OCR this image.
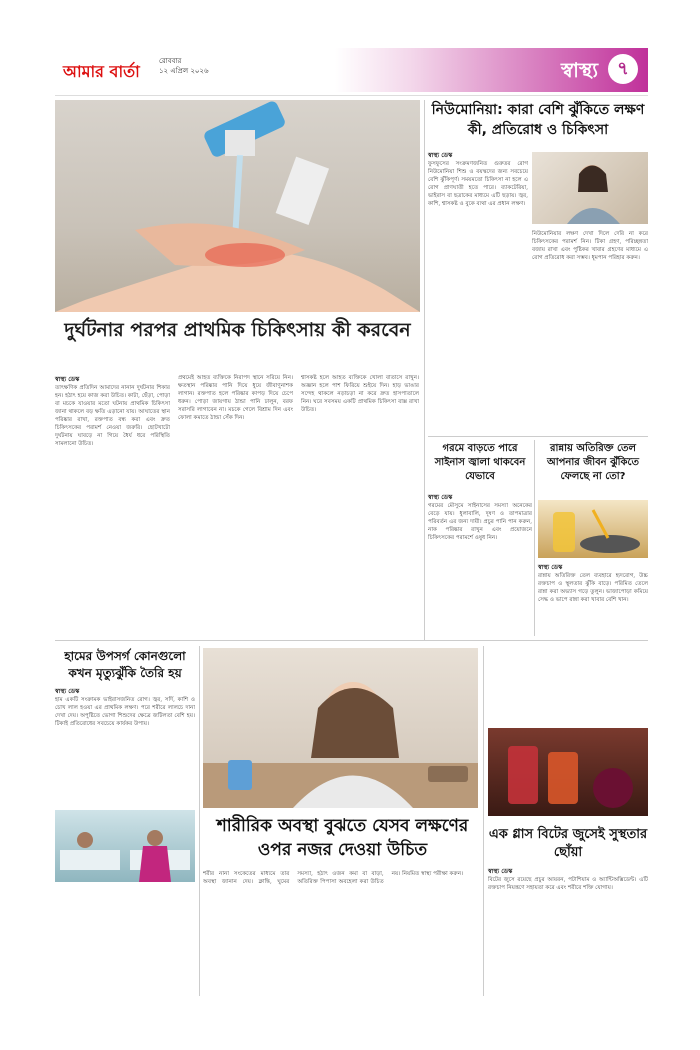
আমার বার্তা
রোববার
১২ এপ্রিল ২০২৬	স্বাস্থ্য	৭
দুর্ঘটনার পরপর প্রাথমিক চিকিৎসায় কী করবেন
স্বাস্থ্য ডেস্ক
তাৎক্ষণিক প্রতিদিন আমাদের নানান দুর্ঘটনার শিকার হন। হঠাৎ হয়ে কাজ করা উচিত। কাটা, ছেঁড়া, পোড়া বা মচকে যাওয়ার মতো ঘটনায় প্রাথমিক চিকিৎসা জানা থাকলে বড় ক্ষতি এড়ানো যায়। আঘাতের স্থান পরিষ্কার রাখা, রক্তপাত বন্ধ করা এবং দ্রুত চিকিৎসকের পরামর্শ নেওয়া জরুরি। ছোটখাটো দুর্ঘটনায় ঘাবড়ে না গিয়ে ধৈর্য ধরে পরিস্থিতি সামলানো উচিত।
প্রথমেই আহত ব্যক্তিকে নিরাপদ স্থানে সরিয়ে নিন। ক্ষতস্থান পরিষ্কার পানি দিয়ে ধুয়ে জীবাণুনাশক লাগান। রক্তপাত হলে পরিষ্কার কাপড় দিয়ে চেপে ধরুন। পোড়া জায়গায় ঠান্ডা পানি ঢালুন, বরফ সরাসরি লাগাবেন না। মচকে গেলে বিশ্রাম দিন এবং ফোলা কমাতে ঠান্ডা সেঁক দিন।
শ্বাসকষ্ট হলে আহত ব্যক্তিকে খোলা বাতাসে রাখুন। অজ্ঞান হলে পাশ ফিরিয়ে শুইয়ে দিন। হাড় ভাঙার সন্দেহ থাকলে নড়াচড়া না করে দ্রুত হাসপাতালে নিন। ঘরে সবসময় একটি প্রাথমিক চিকিৎসা বাক্স রাখা উচিত।
নিউমোনিয়া: কারা বেশি ঝুঁকিতে লক্ষণ কী, প্রতিরোধ ও চিকিৎসা
স্বাস্থ্য ডেস্ক
ফুসফুসের সংক্রমণজনিত গুরুতর রোগ নিউমোনিয়া শিশু ও বয়স্কদের জন্য সবচেয়ে বেশি ঝুঁকিপূর্ণ। সময়মতো চিকিৎসা না হলে এ রোগ প্রাণঘাতী হতে পারে। ব্যাকটেরিয়া, ভাইরাস বা ছত্রাকের মাধ্যমে এটি ছড়ায়। জ্বর, কাশি, শ্বাসকষ্ট ও বুকে ব্যথা এর প্রধান লক্ষণ।
নিউমোনিয়ার লক্ষণ দেখা দিলে দেরি না করে চিকিৎসকের পরামর্শ নিন। টিকা গ্রহণ, পরিচ্ছন্নতা বজায় রাখা এবং পুষ্টিকর খাবার গ্রহণের মাধ্যমে এ রোগ প্রতিরোধ করা সম্ভব। ধূমপান পরিহার করুন।
গরমে বাড়তে পারে সাইনাস জ্বালা থাকবেন যেভাবে
স্বাস্থ্য ডেস্ক
গরমের মৌসুমে সাইনাসের সমস্যা অনেকের বেড়ে যায়। ধুলাবালি, দূষণ ও তাপমাত্রার পরিবর্তন এর জন্য দায়ী। প্রচুর পানি পান করুন, নাক পরিষ্কার রাখুন এবং প্রয়োজনে চিকিৎসকের পরামর্শে ওষুধ নিন।
রান্নায় অতিরিক্ত তেল আপনার জীবন ঝুঁকিতে ফেলছে না তো?
স্বাস্থ্য ডেস্ক
রান্নায় অতিরিক্ত তেল ব্যবহারে হৃদরোগ, উচ্চ রক্তচাপ ও স্থূলতার ঝুঁকি বাড়ে। পরিমিত তেলে রান্না করা অভ্যাস গড়ে তুলুন। ভাজাপোড়া কমিয়ে সেদ্ধ ও ভাপে রান্না করা খাবার বেশি খান।
হামের উপসর্গ কোনগুলো কখন মৃত্যুঝুঁকি তৈরি হয়
স্বাস্থ্য ডেস্ক
হাম একটি সংক্রামক ভাইরাসজনিত রোগ। জ্বর, সর্দি, কাশি ও চোখ লাল হওয়া এর প্রাথমিক লক্ষণ। পরে শরীরে লালচে দানা দেখা দেয়। অপুষ্টিতে ভোগা শিশুদের ক্ষেত্রে জটিলতা বেশি হয়। টিকাই প্রতিরোধের সবচেয়ে কার্যকর উপায়।
শারীরিক অবস্থা বুঝতে যেসব লক্ষণের ওপর নজর দেওয়া উচিত
শরীর নানা সংকেতের মাধ্যমে তার অবস্থা জানান দেয়। ক্লান্তি, ঘুমের সমস্যা, হঠাৎ ওজন কমা বা বাড়া, অতিরিক্ত পিপাসা অবহেলা করা উচিত নয়। নিয়মিত স্বাস্থ্য পরীক্ষা করুন।
এক গ্লাস বিটের জুসেই সুস্থতার ছোঁয়া
স্বাস্থ্য ডেস্ক
বিটের জুসে রয়েছে প্রচুর আয়রন, পটাশিয়াম ও অ্যান্টিঅক্সিডেন্ট। এটি রক্তচাপ নিয়ন্ত্রণে সহায়তা করে এবং শরীরে শক্তি যোগায়।
